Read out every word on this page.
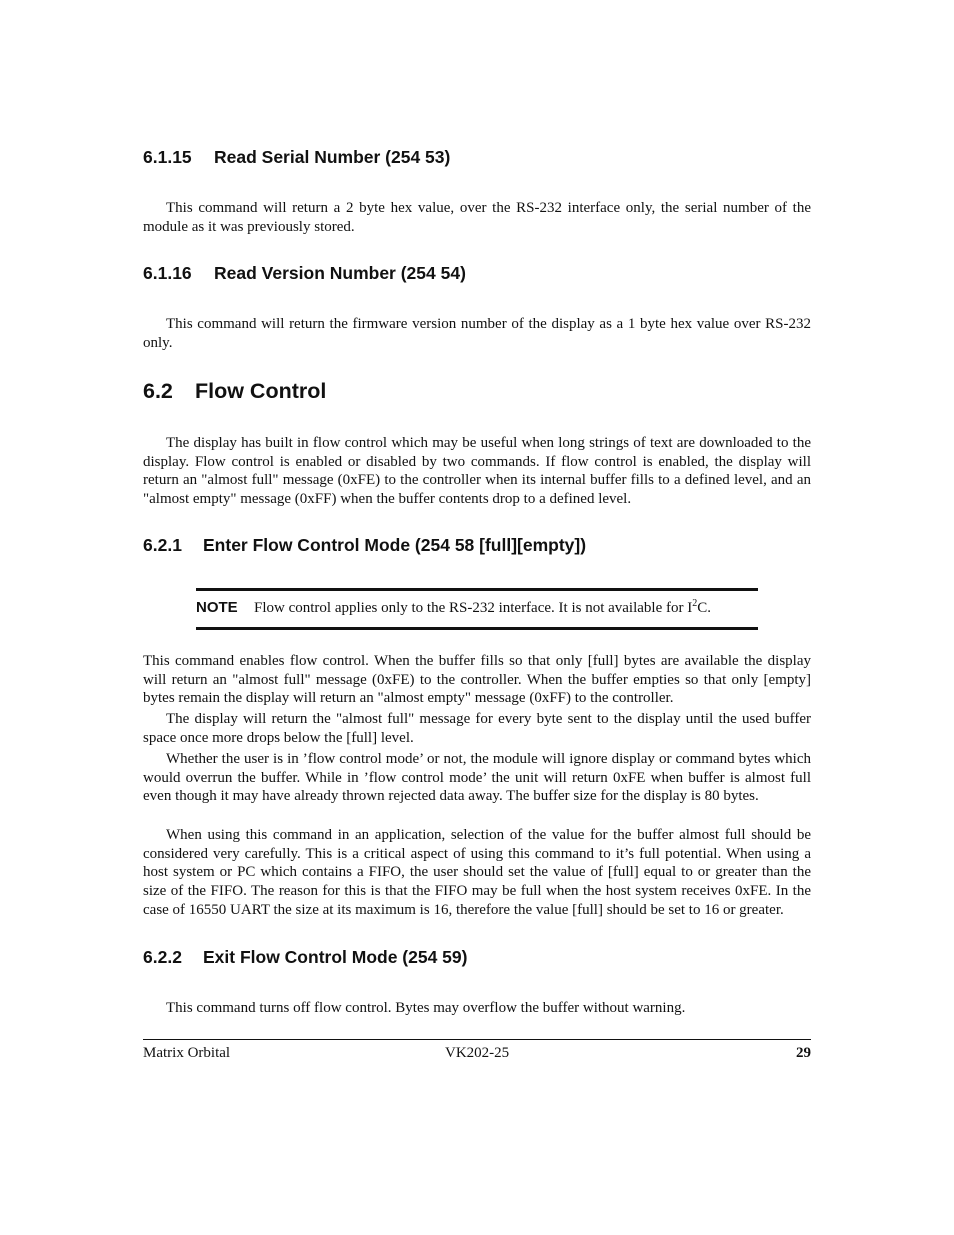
6.1.15 Read Serial Number (254 53)
This command will return a 2 byte hex value, over the RS-232 interface only, the serial number of the module as it was previously stored.
6.1.16 Read Version Number (254 54)
This command will return the firmware version number of the display as a 1 byte hex value over RS-232 only.
6.2 Flow Control
The display has built in flow control which may be useful when long strings of text are downloaded to the display. Flow control is enabled or disabled by two commands. If flow control is enabled, the display will return an "almost full" message (0xFE) to the controller when its internal buffer fills to a defined level, and an "almost empty" message (0xFF) when the buffer contents drop to a defined level.
6.2.1 Enter Flow Control Mode (254 58 [full][empty])
NOTE Flow control applies only to the RS-232 interface. It is not available for $I^2C$.
This command enables flow control. When the buffer fills so that only [full] bytes are available the display will return an "almost full" message (0xFE) to the controller. When the buffer empties so that only [empty] bytes remain the display will return an "almost empty" message (0xFF) to the controller.
The display will return the "almost full" message for every byte sent to the display until the used buffer space once more drops below the [full] level.
Whether the user is in ’flow control mode’ or not, the module will ignore display or command bytes which would overrun the buffer. While in ’flow control mode’ the unit will return 0xFE when buffer is almost full even though it may have already thrown rejected data away. The buffer size for the display is 80 bytes.
When using this command in an application, selection of the value for the buffer almost full should be considered very carefully. This is a critical aspect of using this command to it’s full potential. When using a host system or PC which contains a FIFO, the user should set the value of [full] equal to or greater than the size of the FIFO. The reason for this is that the FIFO may be full when the host system receives 0xFE. In the case of 16550 UART the size at its maximum is 16, therefore the value [full] should be set to 16 or greater.
6.2.2 Exit Flow Control Mode (254 59)
This command turns off flow control. Bytes may overflow the buffer without warning.
Matrix Orbital	VK202-25	29
